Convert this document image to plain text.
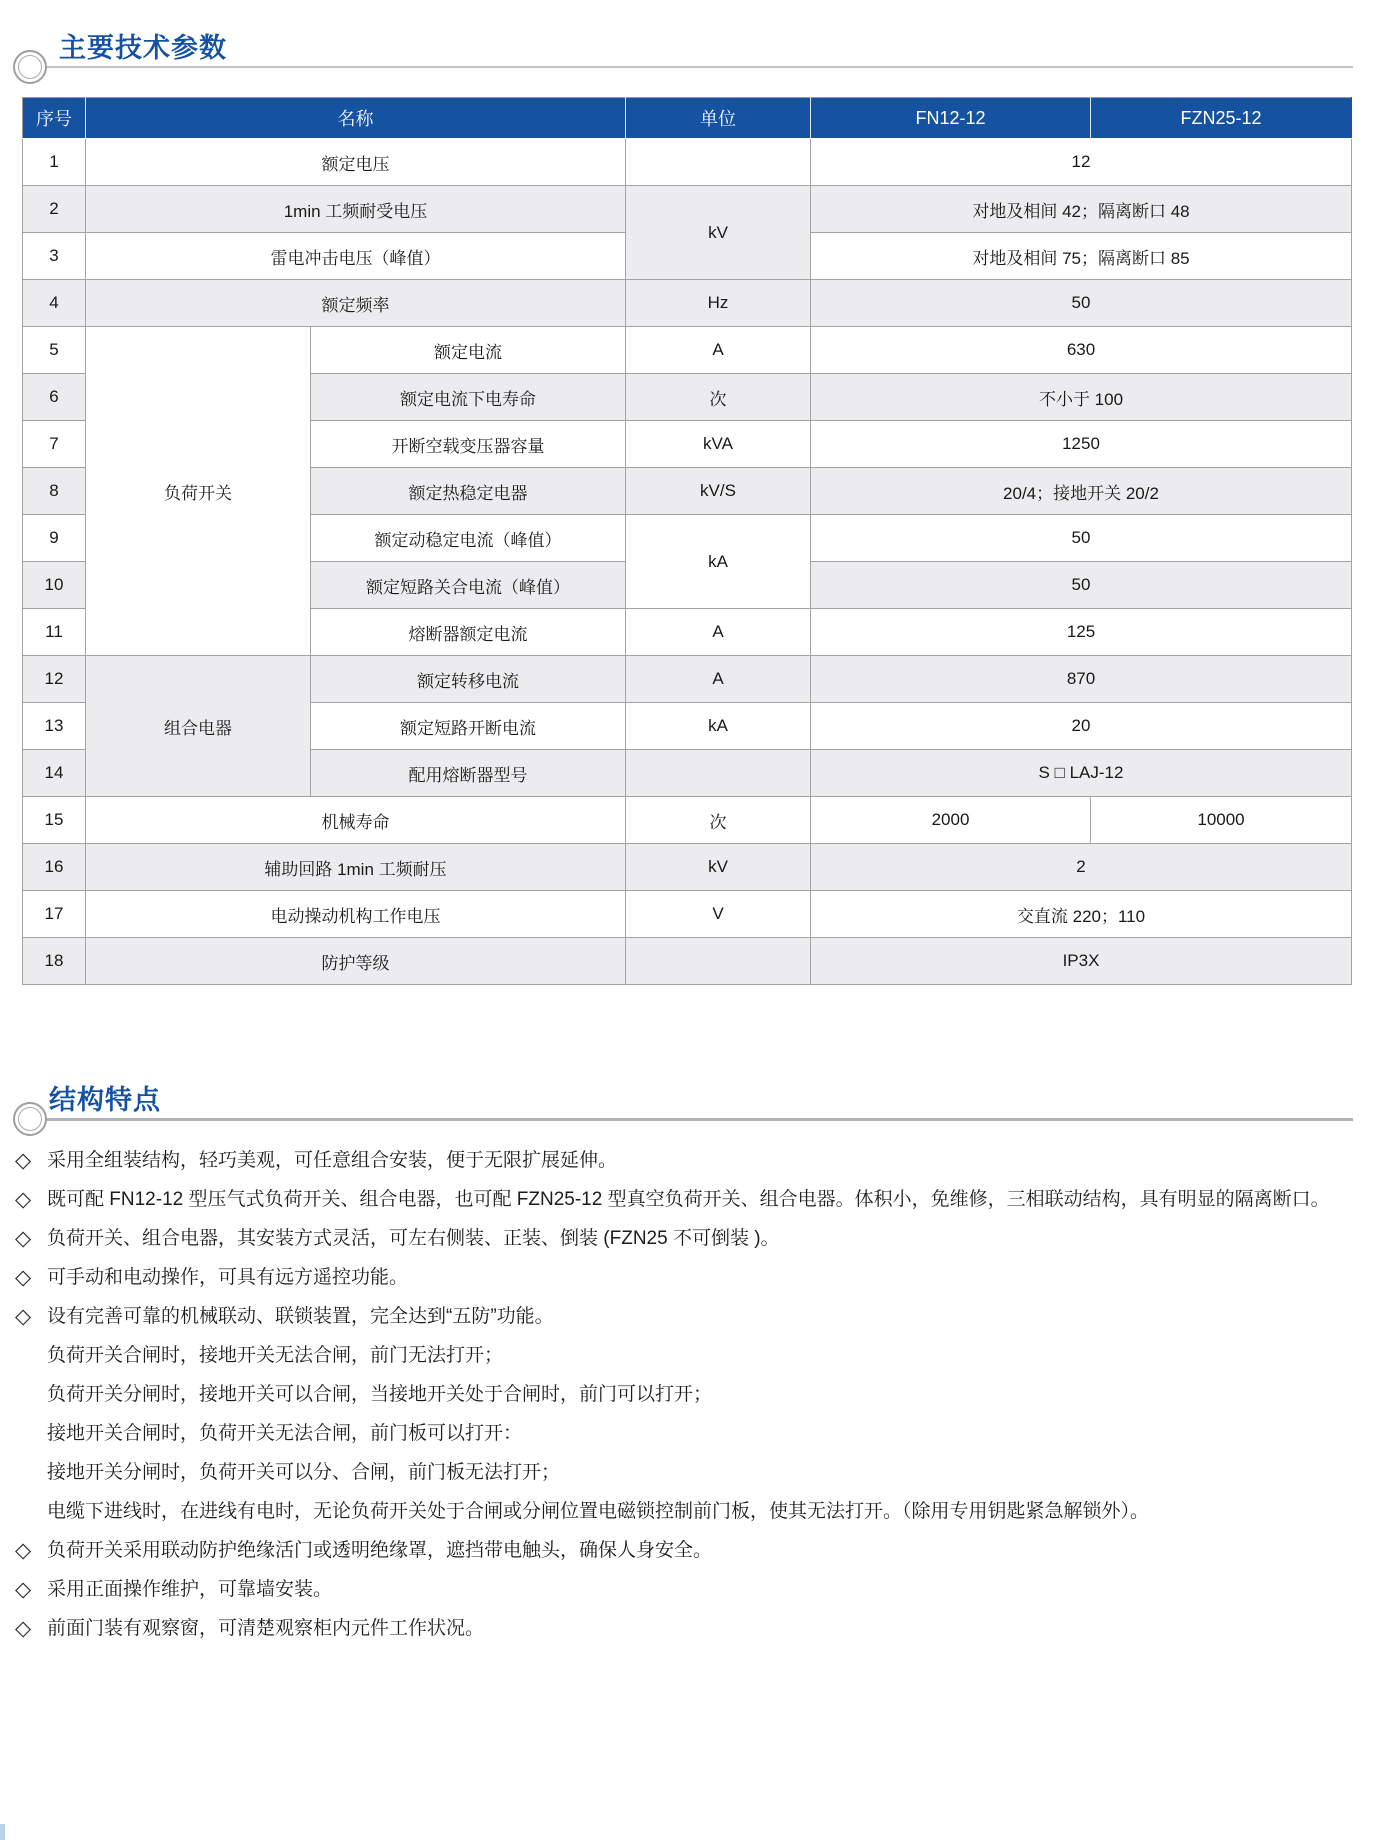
主要技术参数
序号	名称		单位	FN12-12	FZN25-12
1	额定电压			12	
2	1min 工频耐受电压		kV	对地及相间 42；隔离断口 48	
3	雷电冲击电压（峰值）			对地及相间 75；隔离断口 85	
4	额定频率		Hz	50	
5	负荷开关	额定电流	A	630	
6		额定电流下电寿命	次	不小于 100	
7		开断空载变压器容量	kVA	1250	
8		额定热稳定电器	kV/S	20/4；接地开关 20/2	
9		额定动稳定电流（峰值）	kA	50	
10		额定短路关合电流（峰值）		50	
11		熔断器额定电流	A	125	
12	组合电器	额定转移电流	A	870	
13		额定短路开断电流	kA	20	
14		配用熔断器型号		S □ LAJ-12	
15	机械寿命		次	2000	10000
16	辅助回路 1min 工频耐压		kV	2	
17	电动操动机构工作电压		V	交直流 220；110	
18	防护等级			IP3X	
结构特点
◇ 采用全组装结构，轻巧美观，可任意组合安装，便于无限扩展延伸。
◇ 既可配 FN12-12 型压气式负荷开关、组合电器，也可配 FZN25-12 型真空负荷开关、组合电器。体积小，免维修，三相联动结构，具有明显的隔离断口。
◇ 负荷开关、组合电器，其安装方式灵活，可左右侧装、正装、倒装 (FZN25 不可倒装 )。
◇ 可手动和电动操作，可具有远方遥控功能。
◇ 设有完善可靠的机械联动、联锁装置，完全达到“五防”功能。
负荷开关合闸时，接地开关无法合闸，前门无法打开；
负荷开关分闸时，接地开关可以合闸，当接地开关处于合闸时，前门可以打开；
接地开关合闸时，负荷开关无法合闸，前门板可以打开：
接地开关分闸时，负荷开关可以分、合闸，前门板无法打开；
电缆下进线时，在进线有电时，无论负荷开关处于合闸或分闸位置电磁锁控制前门板，使其无法打开。（除用专用钥匙紧急解锁外）。
◇ 负荷开关采用联动防护绝缘活门或透明绝缘罩，遮挡带电触头，确保人身安全。
◇ 采用正面操作维护，可靠墙安装。
◇ 前面门装有观察窗，可清楚观察柜内元件工作状况。
